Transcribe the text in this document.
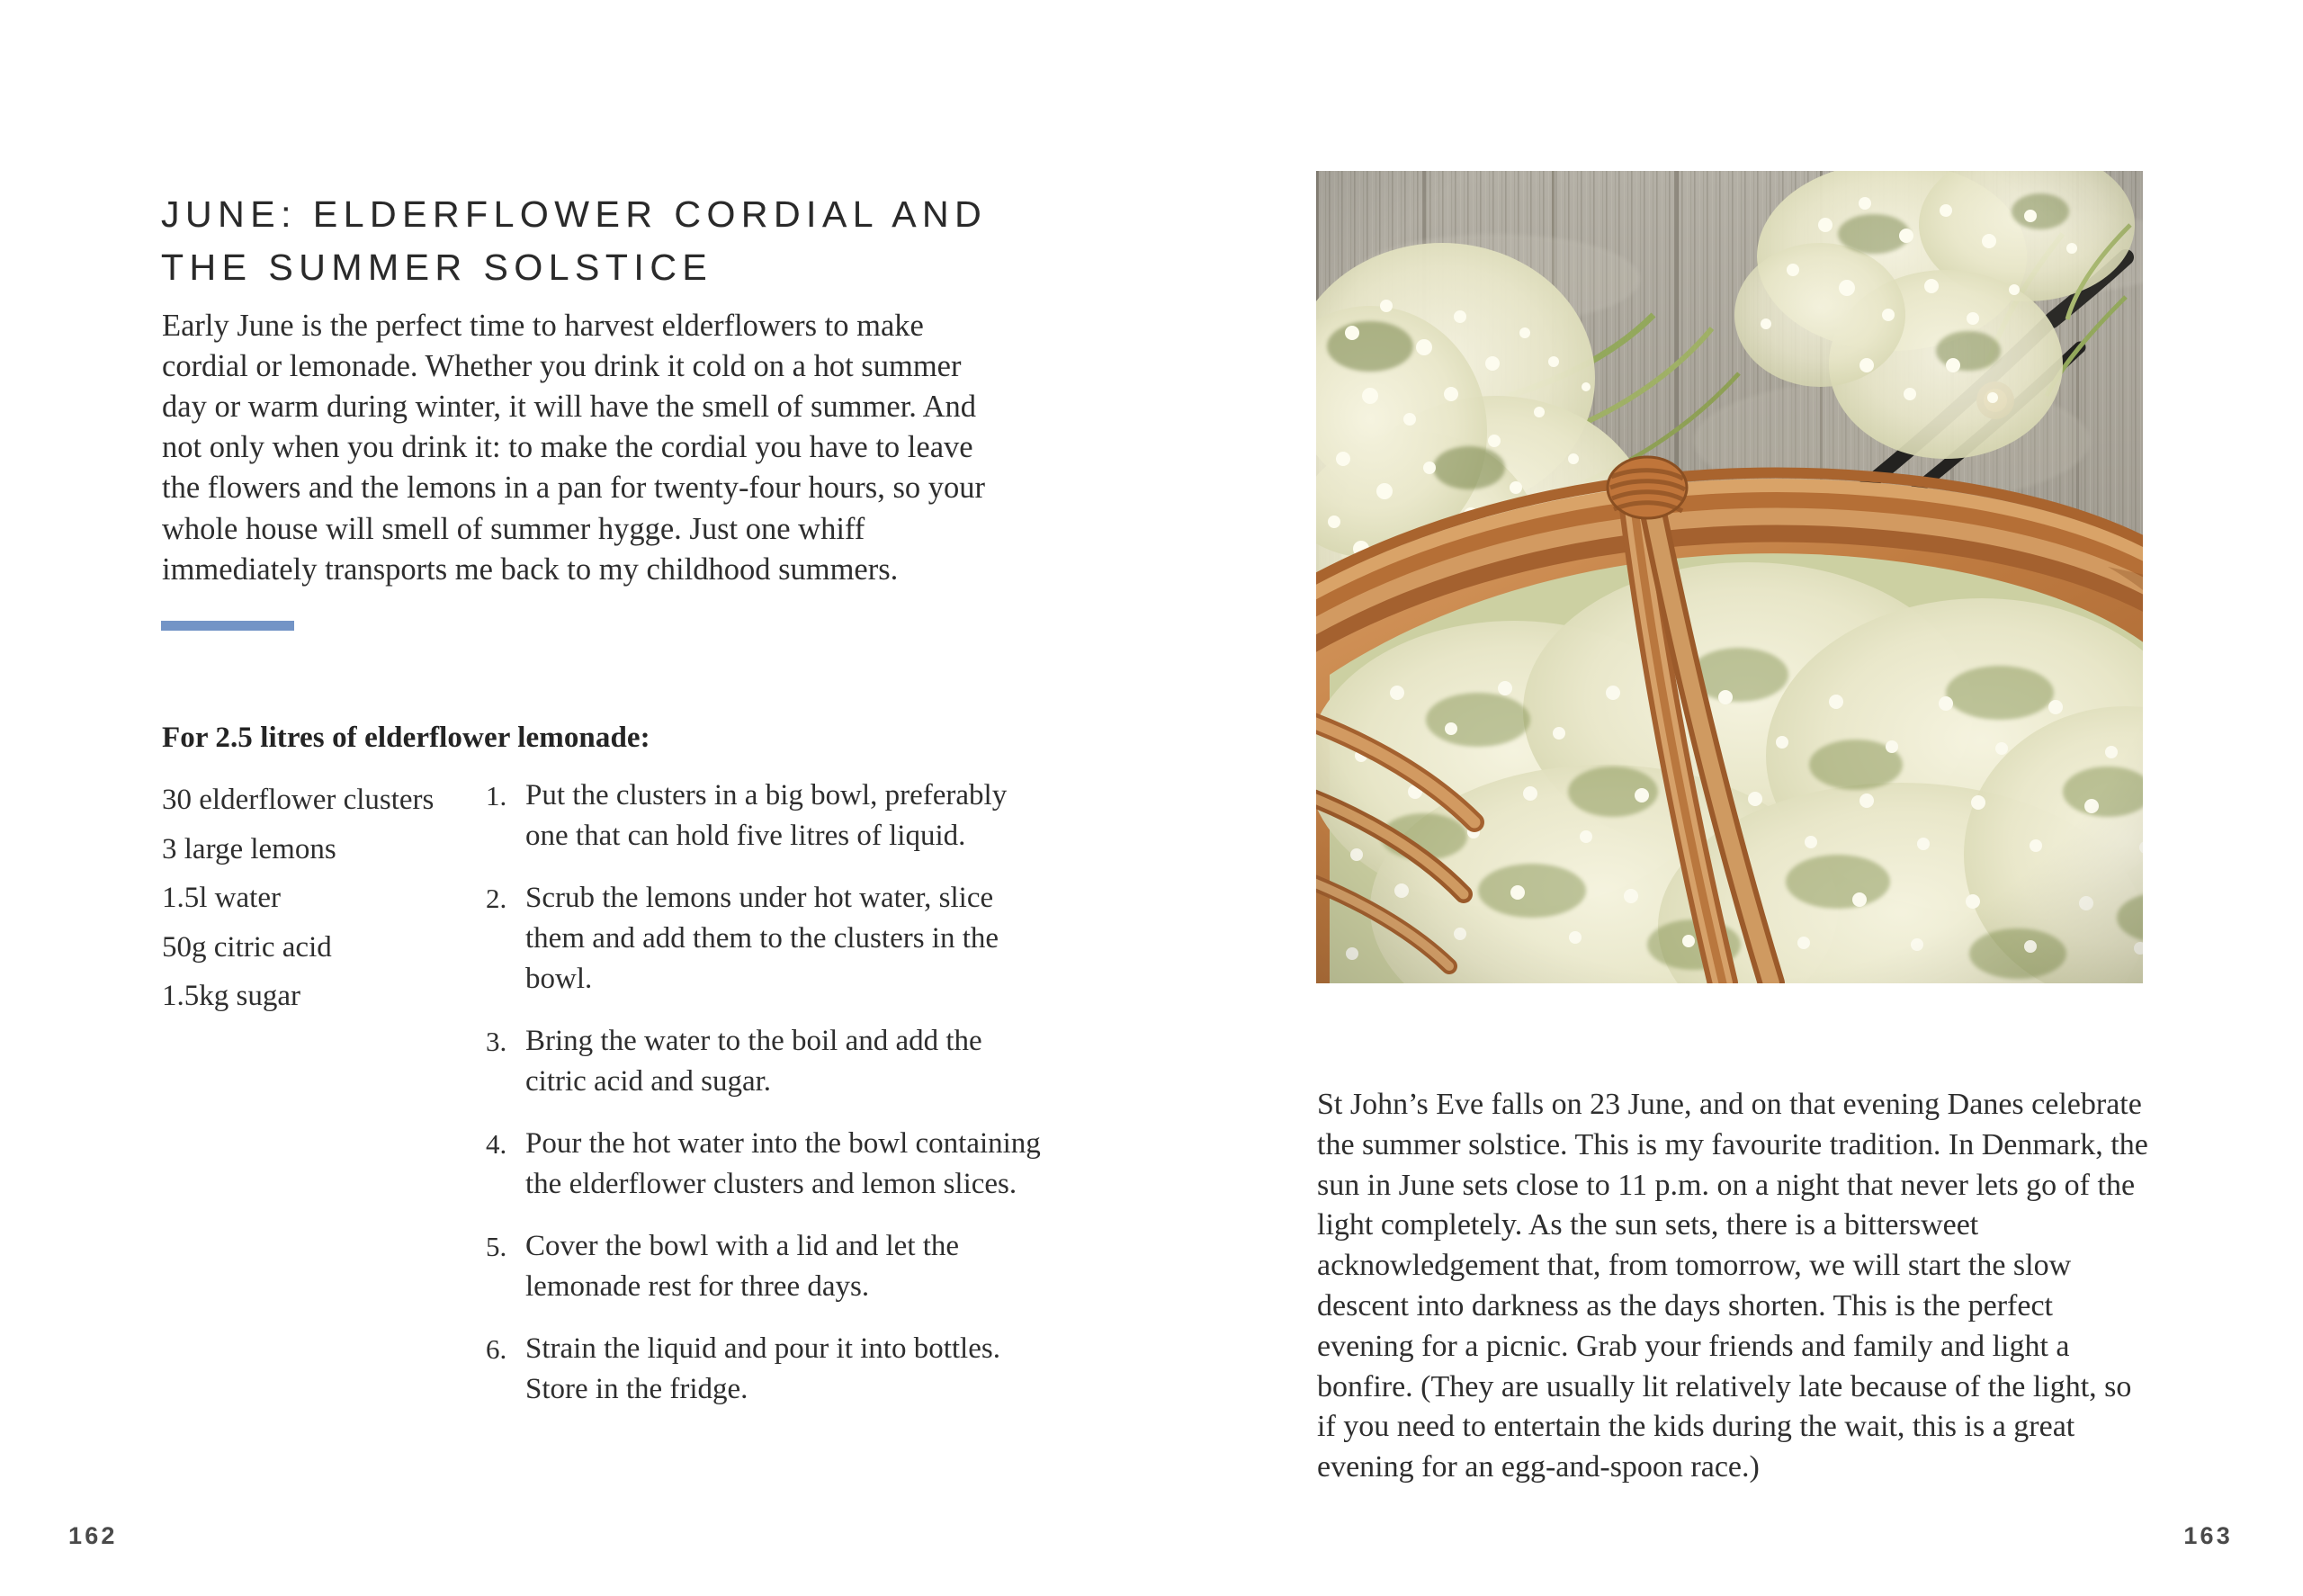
JUNE: ELDERFLOWER CORDIAL AND THE SUMMER SOLSTICE

Early June is the perfect time to harvest elderflowers to make cordial or lemonade. Whether you drink it cold on a hot summer day or warm during winter, it will have the smell of summer. And not only when you drink it: to make the cordial you have to leave the flowers and the lemons in a pan for twenty-four hours, so your whole house will smell of summer hygge. Just one whiff immediately transports me back to my childhood summers.

For 2.5 litres of elderflower lemonade:
30 elderflower clusters
3 large lemons
1.5l water
50g citric acid
1.5kg sugar
1. Put the clusters in a big bowl, preferably one that can hold five litres of liquid.
2. Scrub the lemons under hot water, slice them and add them to the clusters in the bowl.
3. Bring the water to the boil and add the citric acid and sugar.
4. Pour the hot water into the bowl containing the elderflower clusters and lemon slices.
5. Cover the bowl with a lid and let the lemonade rest for three days.
6. Strain the liquid and pour it into bottles. Store in the fridge.
162

St John’s Eve falls on 23 June, and on that evening Danes celebrate the summer solstice. This is my favourite tradition. In Denmark, the sun in June sets close to 11 p.m. on a night that never lets go of the light completely. As the sun sets, there is a bittersweet acknowledgement that, from tomorrow, we will start the slow descent into darkness as the days shorten. This is the perfect evening for a picnic. Grab your friends and family and light a bonfire. (They are usually lit relatively late because of the light, so if you need to entertain the kids during the wait, this is a great evening for an egg-and-spoon race.)

163
